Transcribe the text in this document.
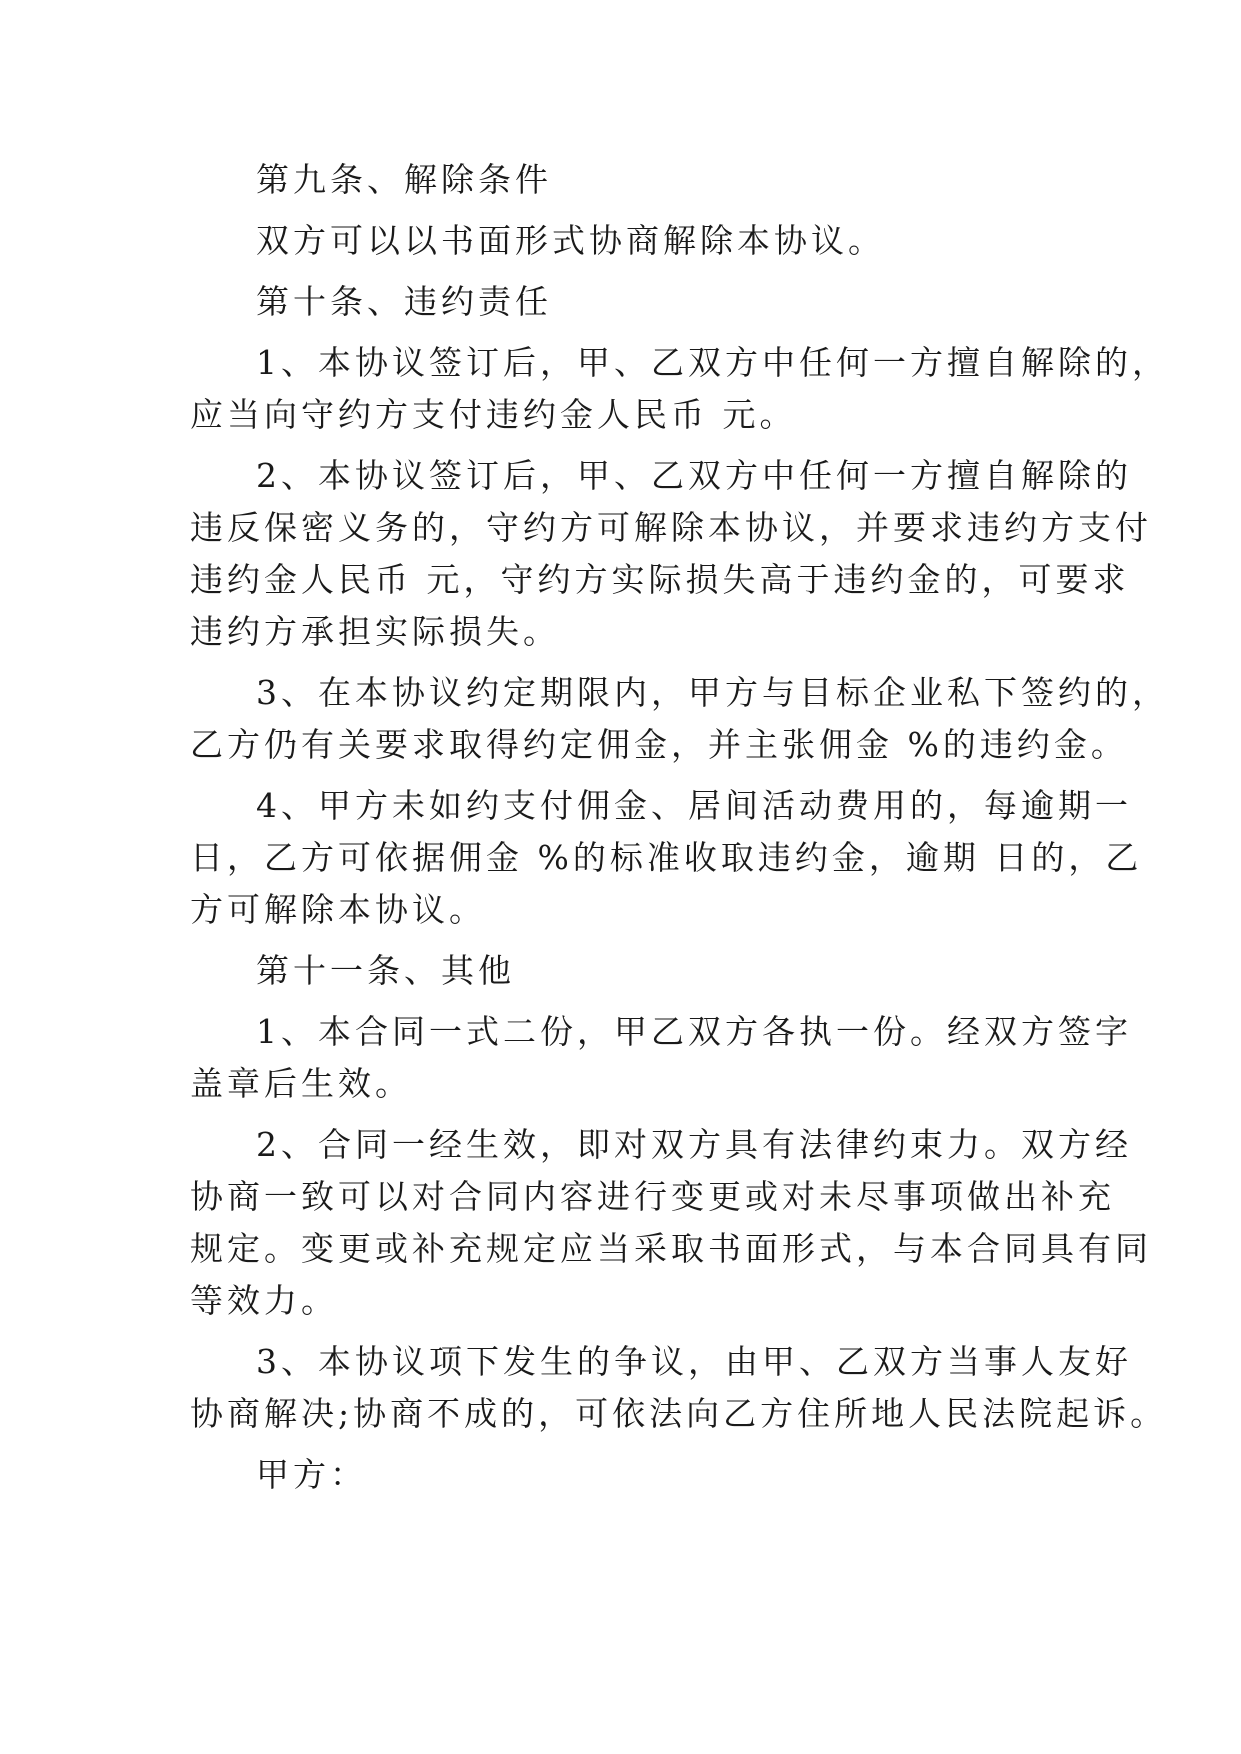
第九条、解除条件

双方可以以书面形式协商解除本协议。

第十条、违约责任

1、本协议签订后，甲、乙双方中任何一方擅自解除的，

应当向守约方支付违约金人民币 元。

2、本协议签订后，甲、乙双方中任何一方擅自解除的

违反保密义务的，守约方可解除本协议，并要求违约方支付

违约金人民币 元，守约方实际损失高于违约金的，可要求

违约方承担实际损失。

3、在本协议约定期限内，甲方与目标企业私下签约的，

乙方仍有关要求取得约定佣金，并主张佣金 %的违约金。

4、甲方未如约支付佣金、居间活动费用的，每逾期一

日，乙方可依据佣金 %的标准收取违约金，逾期 日的，乙

方可解除本协议。

第十一条、其他

1、本合同一式二份，甲乙双方各执一份。经双方签字

盖章后生效。

2、合同一经生效，即对双方具有法律约束力。双方经

协商一致可以对合同内容进行变更或对未尽事项做出补充

规定。变更或补充规定应当采取书面形式，与本合同具有同

等效力。

3、本协议项下发生的争议，由甲、乙双方当事人友好

协商解决;协商不成的，可依法向乙方住所地人民法院起诉。

甲方：
